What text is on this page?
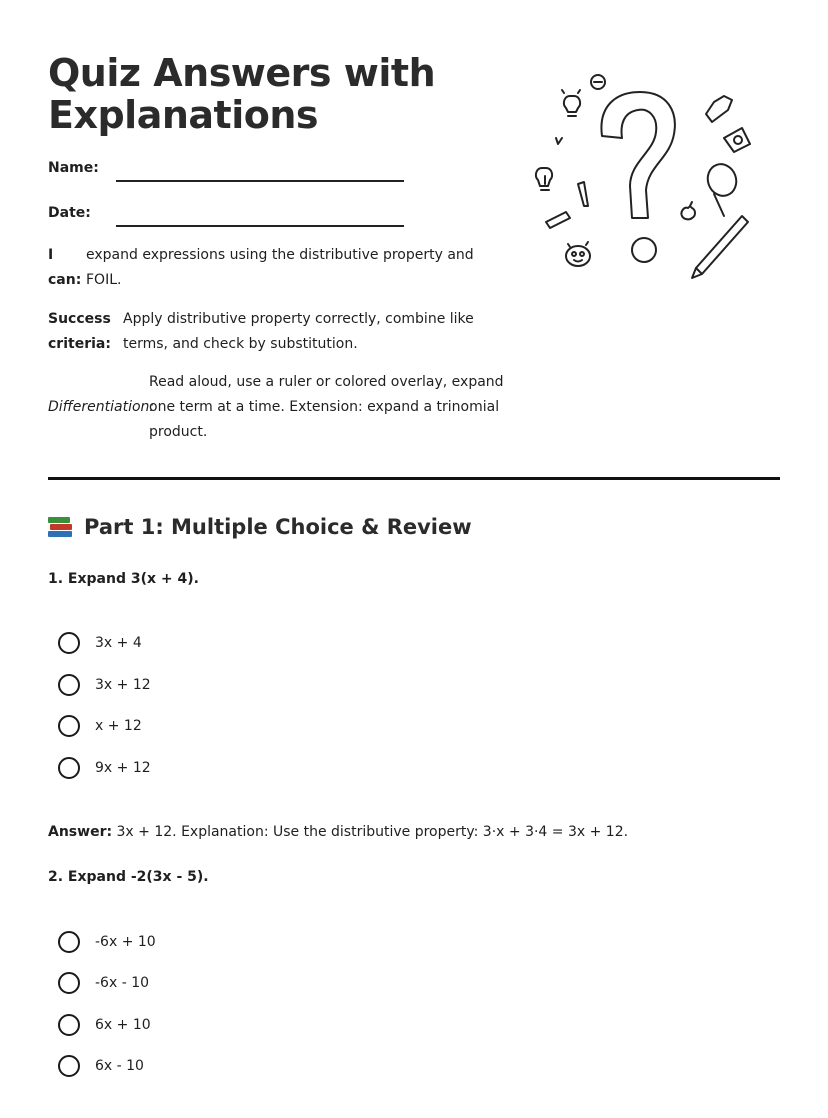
Quiz Answers with Explanations
Name:
Date:
I
can:
expand expressions using the distributive property and
FOIL.
Success
criteria:
Apply distributive property correctly, combine like
terms, and check by substitution.
Differentiation:
Read aloud, use a ruler or colored overlay, expand
one term at a time. Extension: expand a trinomial
product.
Part 1: Multiple Choice & Review
1. Expand 3(x + 4).
3x + 4
3x + 12
x + 12
9x + 12
Answer: 3x + 12. Explanation: Use the distributive property: 3·x + 3·4 = 3x + 12.
2. Expand -2(3x - 5).
-6x + 10
-6x - 10
6x + 10
6x - 10
